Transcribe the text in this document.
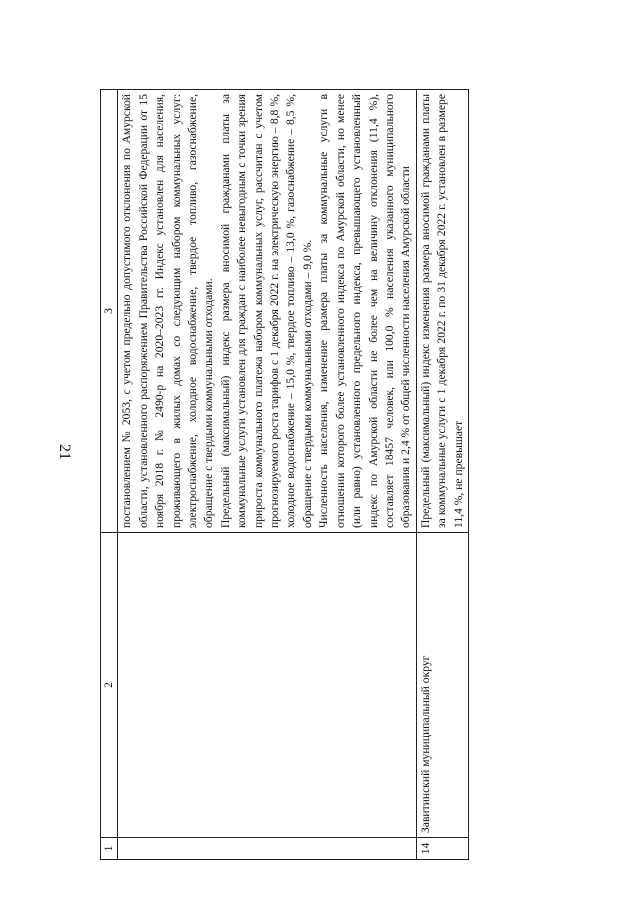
21
1	2	3

		постановлением № 2053, с учетом предельно допустимого отклонения по Амурской области, установленного распоряжением Правительства Российской Федерации от 15 ноября 2018 г. № 2490-р на 2020–2023 гг. Индекс установлен для населения, проживающего в жилых домах со следующим набором коммунальных услуг: электроснабжение, холодное водоснабжение, твердое топливо, газоснабжение, обращение с твердыми коммунальными отходами. Предельный (максимальный) индекс размера вносимой гражданами платы за коммунальные услуги установлен для граждан с наиболее невыгодным с точки зрения прироста коммунального платежа набором коммунальных услуг, рассчитан с учетом прогнозируемого роста тарифов с 1 декабря 2022 г. на электрическую энергию – 8,8 %, холодное водоснабжение – 15,0 %, твердое топливо – 13,0 %, газоснабжение – 8,5 %, обращение с твердыми коммунальными отходами – 9,0 %. Численность населения, изменение размера платы за коммунальные услуги в отношении которого более установленного индекса по Амурской области, но менее (или равно) установленного предельного индекса, превышающего установленный индекс по Амурской области не более чем на величину отклонения (11,4 %), составляет 18457 человек, или 100,0 % населения указанного муниципального образования и 2,4 % от общей численности населения Амурской области

14	Завитинский муниципальный округ	Предельный (максимальный) индекс изменения размера вносимой гражданами платы за коммунальные услуги с 1 декабря 2022 г. по 31 декабря 2022 г. установлен в размере 11,4 %, не превышает
